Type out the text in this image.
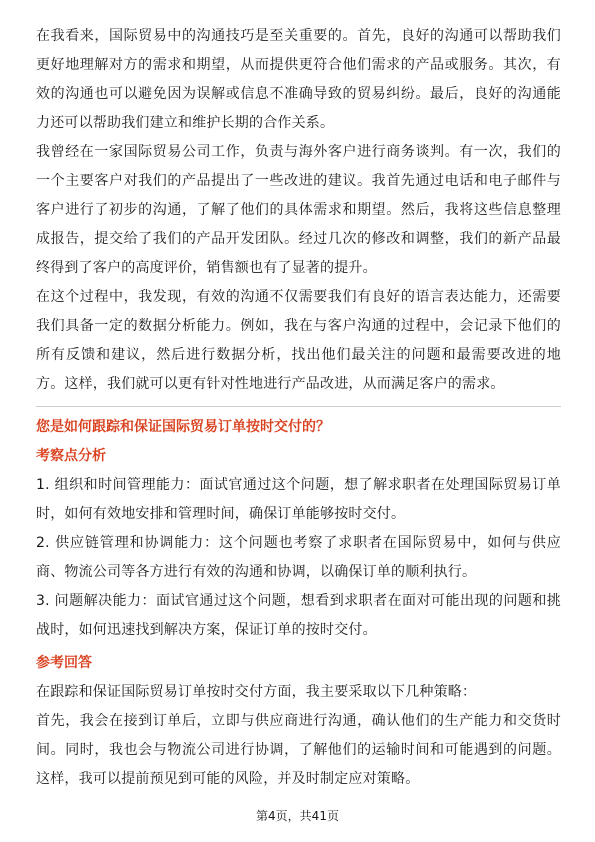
在我看来，国际贸易中的沟通技巧是至关重要的。首先，良好的沟通可以帮助我们更好地理解对方的需求和期望，从而提供更符合他们需求的产品或服务。其次，有效的沟通也可以避免因为误解或信息不准确导致的贸易纠纷。最后，良好的沟通能力还可以帮助我们建立和维护长期的合作关系。

我曾经在一家国际贸易公司工作，负责与海外客户进行商务谈判。有一次，我们的一个主要客户对我们的产品提出了一些改进的建议。我首先通过电话和电子邮件与客户进行了初步的沟通，了解了他们的具体需求和期望。然后，我将这些信息整理成报告，提交给了我们的产品开发团队。经过几次的修改和调整，我们的新产品最终得到了客户的高度评价，销售额也有了显著的提升。

在这个过程中，我发现，有效的沟通不仅需要我们有良好的语言表达能力，还需要我们具备一定的数据分析能力。例如，我在与客户沟通的过程中，会记录下他们的所有反馈和建议，然后进行数据分析，找出他们最关注的问题和最需要改进的地方。这样，我们就可以更有针对性地进行产品改进，从而满足客户的需求。

您是如何跟踪和保证国际贸易订单按时交付的？

考察点分析

1. 组织和时间管理能力：面试官通过这个问题，想了解求职者在处理国际贸易订单时，如何有效地安排和管理时间，确保订单能够按时交付。

2. 供应链管理和协调能力：这个问题也考察了求职者在国际贸易中，如何与供应商、物流公司等各方进行有效的沟通和协调，以确保订单的顺利执行。

3. 问题解决能力：面试官通过这个问题，想看到求职者在面对可能出现的问题和挑战时，如何迅速找到解决方案，保证订单的按时交付。

参考回答

在跟踪和保证国际贸易订单按时交付方面，我主要采取以下几种策略：

首先，我会在接到订单后，立即与供应商进行沟通，确认他们的生产能力和交货时间。同时，我也会与物流公司进行协调，了解他们的运输时间和可能遇到的问题。这样，我可以提前预见到可能的风险，并及时制定应对策略。

第4页，共41页
